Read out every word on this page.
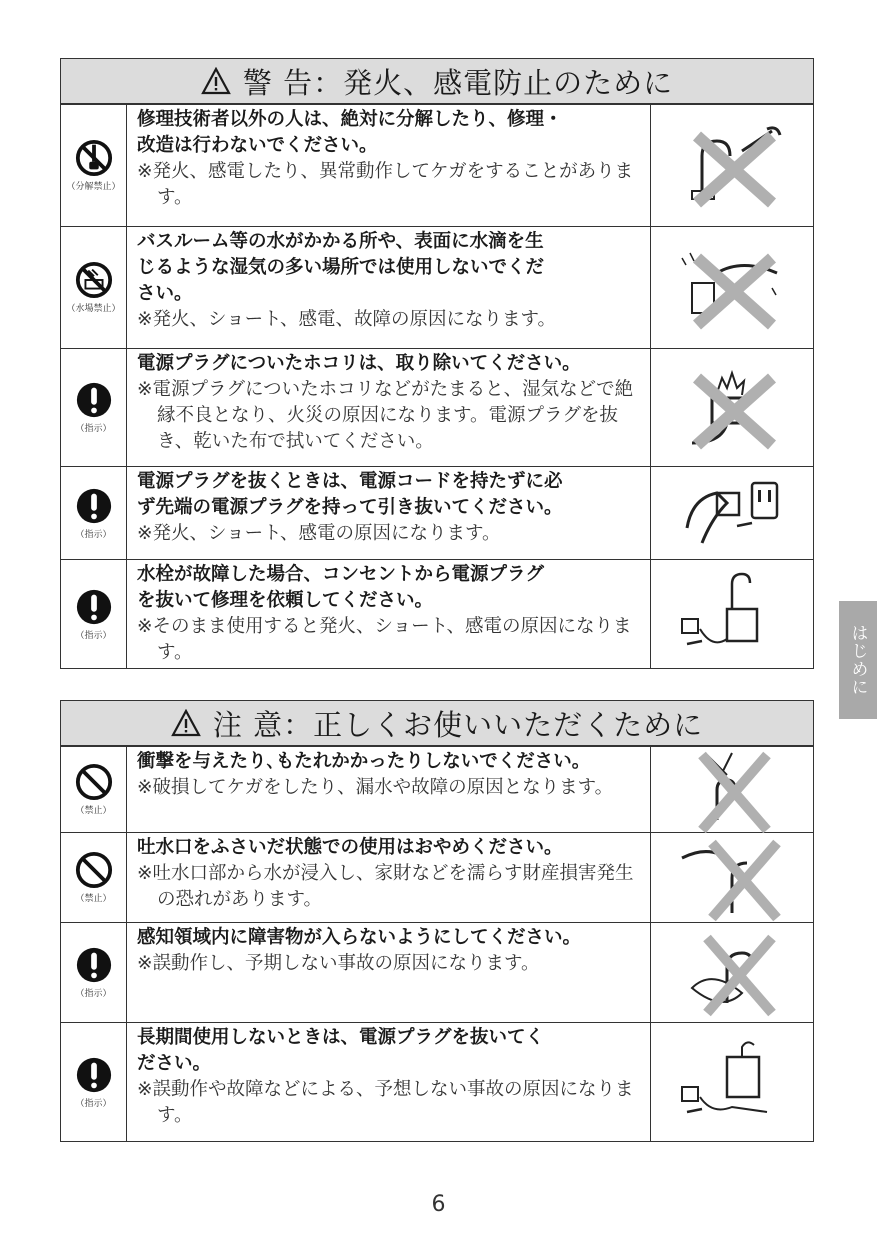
警 告：発火、感電防止のために
（分解禁止）
修理技術者以外の人は、絶対に分解したり、修理・
改造は行わないでください。
※発火、感電したり、異常動作してケガをすることがあります。
（水場禁止）
バスルーム等の水がかかる所や、表面に水滴を生
じるような湿気の多い場所では使用しないでくだ
さい。
※発火、ショート、感電、故障の原因になります。
（指示）
電源プラグについたホコリは、取り除いてください。
※電源プラグについたホコリなどがたまると、湿気などで絶縁不良となり、火災の原因になります。電源プラグを抜き、乾いた布で拭いてください。
（指示）
電源プラグを抜くときは、電源コードを持たずに必
ず先端の電源プラグを持って引き抜いてください。
※発火、ショート、感電の原因になります。
（指示）
水栓が故障した場合、コンセントから電源プラグ
を抜いて修理を依頼してください。
※そのまま使用すると発火、ショート、感電の原因になります。
注 意：正しくお使いいただくために
（禁止）
衝撃を与えたり､もたれかかったりしないでください。
※破損してケガをしたり、漏水や故障の原因となります。
（禁止）
吐水口をふさいだ状態での使用はおやめください。
※吐水口部から水が浸入し、家財などを濡らす財産損害発生の恐れがあります。
（指示）
感知領域内に障害物が入らないようにしてください。
※誤動作し、予期しない事故の原因になります。
（指示）
長期間使用しないときは、電源プラグを抜いてく
ださい。
※誤動作や故障などによる、予想しない事故の原因になります。
はじめに
6
